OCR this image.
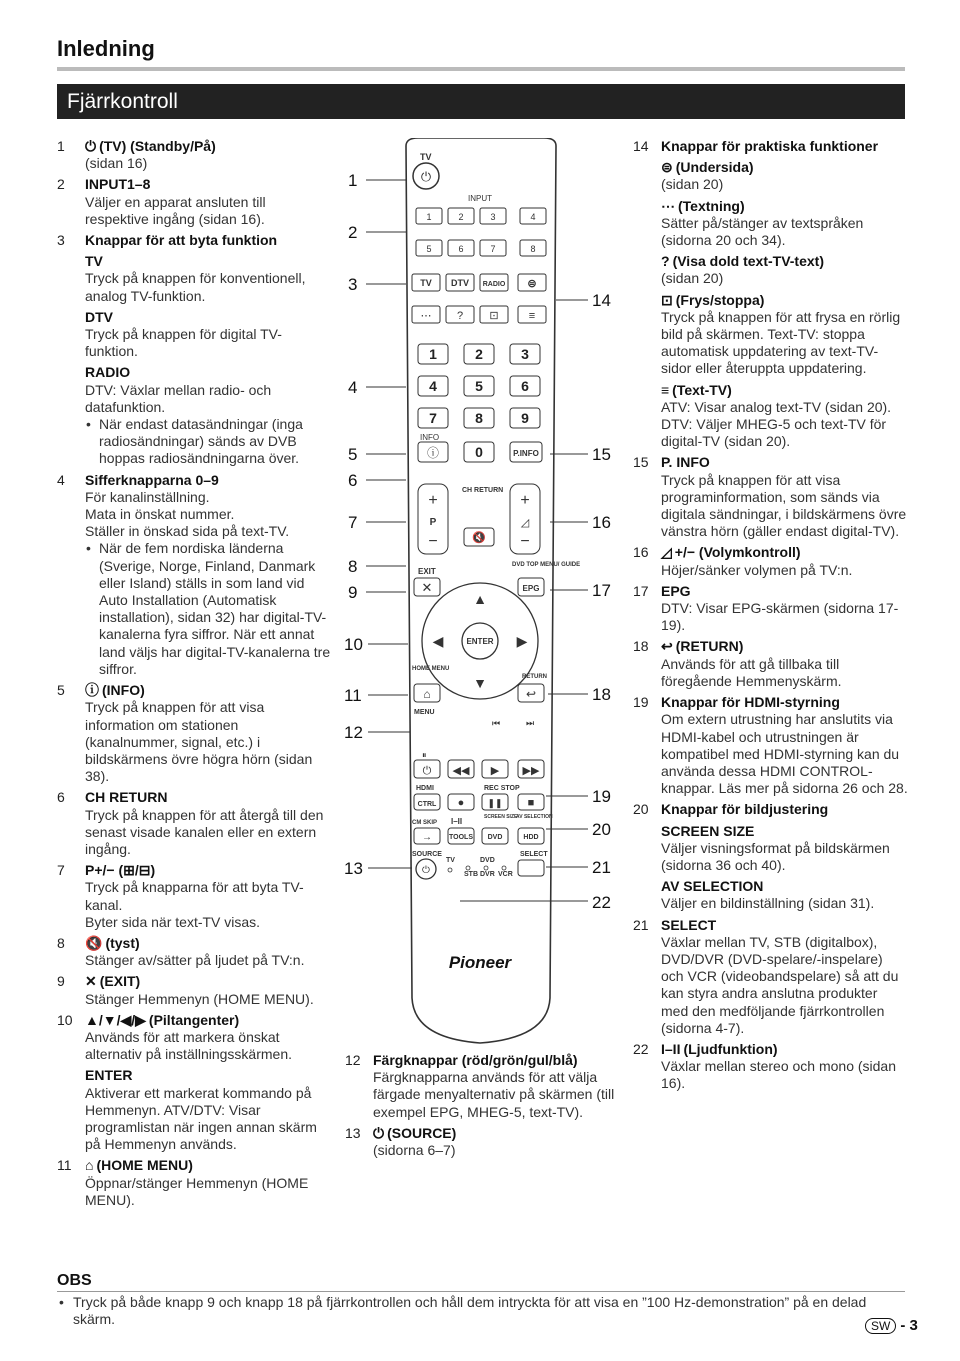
Inledning
Fjärrkontroll
1 ⏻ (TV) (Standby/På)
(sidan 16)
2 INPUT1–8
Väljer en apparat ansluten till respektive ingång (sidan 16).
3 Knappar för att byta funktion
TV
Tryck på knappen för konventionell, analog TV-funktion.
DTV
Tryck på knappen för digital TV-funktion.
RADIO
DTV: Växlar mellan radio- och datafunktion.
• När endast datasändningar (inga radiosändningar) sänds av DVB hoppas radiosändningarna över.
4 Sifferknapparna 0–9
För kanalinställning.
Mata in önskat nummer.
Ställer in önskad sida på text-TV.
• När de fem nordiska länderna (Sverige, Norge, Finland, Danmark eller Island) ställs in som land vid Auto Installation (Automatisk installation), sidan 32) har digital-TV-kanalerna fyra siffror. När ett annat land väljs har digital-TV-kanalerna tre siffror.
5 ⓘ (INFO)
Tryck på knappen för att visa information om stationen (kanalnummer, signal, etc.) i bildskärmens övre högra hörn (sidan 38).
6 CH RETURN
Tryck på knappen för att återgå till den senast visade kanalen eller en extern ingång.
7 P+/− (⊞/⊟)
Tryck på knapparna för att byta TV-kanal.
Byter sida när text-TV visas.
8 🔇 (tyst)
Stänger av/sätter på ljudet på TV:n.
9 ✕ (EXIT)
Stänger Hemmenyn (HOME MENU).
10 ▲/▼/◀/▶ (Piltangenter)
Används för att markera önskat alternativ på inställningsskärmen.
ENTER
Aktiverar ett markerat kommando på Hemmenyn. ATV/DTV: Visar programlistan när ingen annan skärm på Hemmenyn används.
11 ⌂ (HOME MENU)
Öppnar/stänger Hemmenyn (HOME MENU).
1
2
3
4
5
6
7
8
9
10
11
12
13
14
15
16
17
18
19
20
21
22
TV
⏻
INPUT
1	2	3	4
5	6	7	8
TV DTV RADIO ⊜
⋯ ? ⊡	≡
1	2	3
4	5	6
7	8	9
0
INFO
ⓘ	P.INFO
CH RETURN
+
P
−	🔇
+
◿
−
EXIT
✕
DVD TOP MENU/ GUIDE
EPG
ENTER
▲
▼
◀	▶
HOME MENU
⌂
MENU
RETURN
↩
⏮	⏭
⏸
⏻ ◀◀ ▶ ▶▶
HDMI	REC STOP
CTRL ●	❚❚ ■
CM SKIP I–II	SCREEN SIZE
AV SELECTION
→ TOOLS DVD	HDD
SOURCE
⏻
SELECT
TV	DVD
STB DVR VCR
Pioneer
12 Färgknappar (röd/grön/gul/blå)
Färgknapparna används för att välja färgade menyalternativ på skärmen (till exempel EPG, MHEG-5, text-TV).
13 ⏻ (SOURCE)
(sidorna 6–7)
14 Knappar för praktiska funktioner
⊜ (Undersida)
(sidan 20)
⋯ (Textning)
Sätter på/stänger av textspråken (sidorna 20 och 34).
? (Visa dold text-TV-text)
(sidan 20)
⊡ (Frys/stoppa)
Tryck på knappen för att frysa en rörlig bild på skärmen. Text-TV: stoppa automatisk uppdatering av text-TV-sidor eller återuppta uppdatering.
≡ (Text-TV)
ATV: Visar analog text-TV (sidan 20). DTV: Väljer MHEG-5 och text-TV för digital-TV (sidan 20).
15 P. INFO
Tryck på knappen för att visa programinformation, som sänds via digitala sändningar, i bildskärmens övre vänstra hörn (gäller endast digital-TV).
16 ◿ +/− (Volymkontroll)
Höjer/sänker volymen på TV:n.
17 EPG
DTV: Visar EPG-skärmen (sidorna 17-19).
18 ↩ (RETURN)
Används för att gå tillbaka till föregående Hemmenyskärm.
19 Knappar för HDMI-styrning
Om extern utrustning har anslutits via HDMI-kabel och utrustningen är kompatibel med HDMI-styrning kan du använda dessa HDMI CONTROL-knappar. Läs mer på sidorna 26 och 28.
20 Knappar för bildjustering
SCREEN SIZE
Väljer visningsformat på bildskärmen (sidorna 36 och 40).
AV SELECTION
Väljer en bildinställning (sidan 31).
21 SELECT
Växlar mellan TV, STB (digitalbox), DVD/DVR (DVD-spelare/-inspelare) och VCR (videobandspelare) så att du kan styra andra anslutna produkter med den medföljande fjärrkontrollen (sidorna 4-7).
22 I–II (Ljudfunktion)
Växlar mellan stereo och mono (sidan 16).
OBS
• Tryck på både knapp 9 och knapp 18 på fjärrkontrollen och håll dem intryckta för att visa en ”100 Hz-demonstration” på en delad skärm.	SW - 3
